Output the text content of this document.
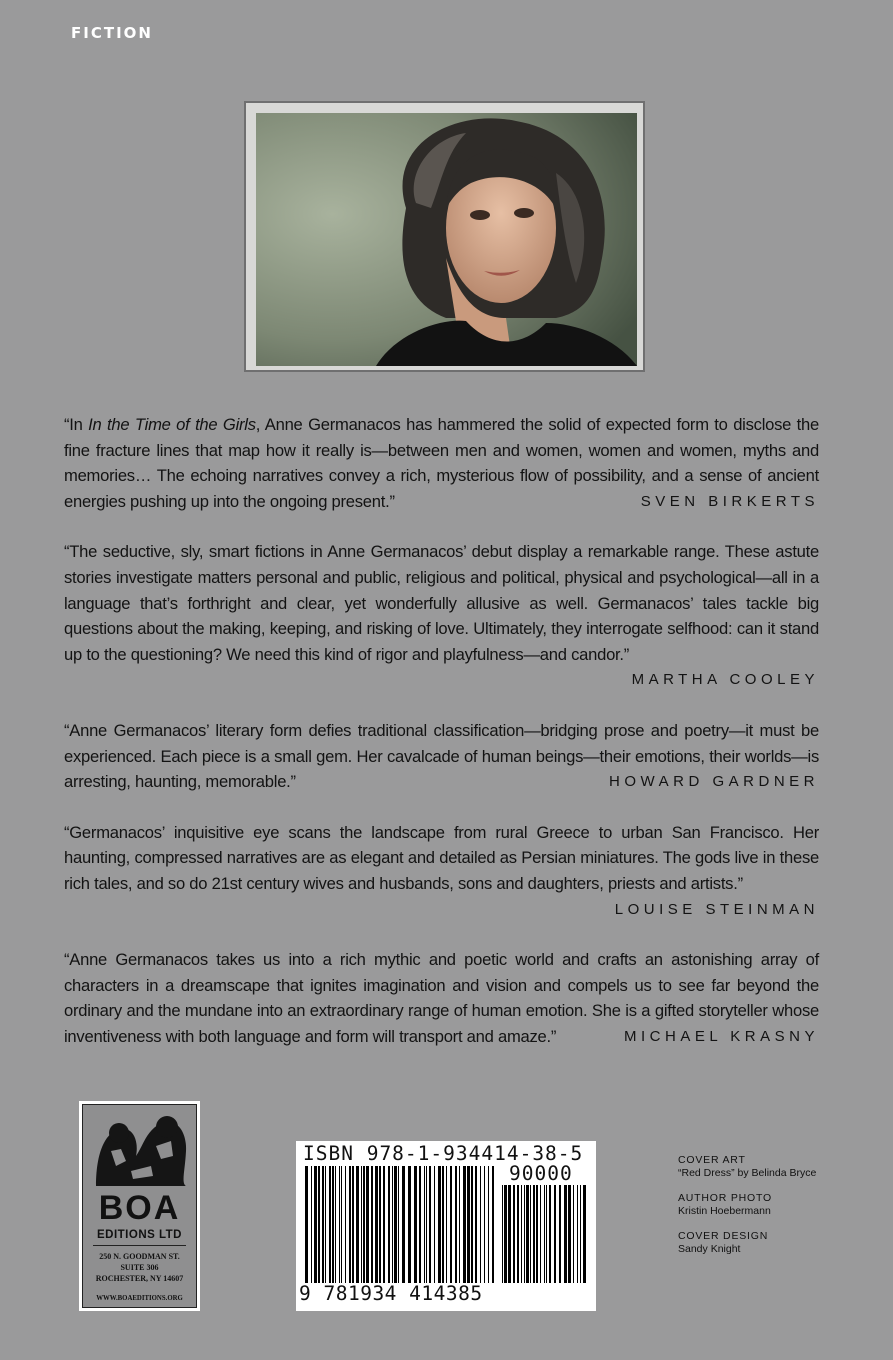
FICTION
“In In the Time of the Girls, Anne Germanacos has hammered the solid of expected form to disclose the fine fracture lines that map how it really is—between men and women, women and women, myths and memories… The echoing narratives convey a rich, mysterious flow of possibility, and a sense of ancient energies pushing up into the ongoing present.”	SVEN BIRKERTS
“The seductive, sly, smart fictions in Anne Germanacos’ debut display a remarkable range. These astute stories investigate matters personal and public, religious and political, physical and psychological—all in a language that’s forthright and clear, yet wonderfully allusive as well. Germanacos’ tales tackle big questions about the making, keeping, and risking of love. Ultimately, they interrogate selfhood: can it stand up to the questioning? We need this kind of rigor and playfulness—and candor.”
MARTHA COOLEY
“Anne Germanacos’ literary form defies traditional classification—bridging prose and poetry—it must be experienced. Each piece is a small gem. Her cavalcade of human beings—their emotions, their worlds—is arresting, haunting, memorable.”	HOWARD GARDNER
“Germanacos’ inquisitive eye scans the landscape from rural Greece to urban San Francisco. Her haunting, compressed narratives are as elegant and detailed as Persian miniatures. The gods live in these rich tales, and so do 21st century wives and husbands, sons and daughters, priests and artists.”
LOUISE STEINMAN
“Anne Germanacos takes us into a rich mythic and poetic world and crafts an astonishing array of characters in a dreamscape that ignites imagination and vision and compels us to see far beyond the ordinary and the mundane into an extraordinary range of human emotion. She is a gifted storyteller whose inventiveness with both language and form will transport and amaze.”	MICHAEL KRASNY
BOA
EDITIONS LTD
250 N. GOODMAN ST.
SUITE 306
ROCHESTER, NY 14607
WWW.BOAEDITIONS.ORG
ISBN 978-1-934414-38-5
90000
9 781934 414385
COVER ART
“Red Dress” by Belinda Bryce
AUTHOR PHOTO
Kristin Hoebermann
COVER DESIGN
Sandy Knight
